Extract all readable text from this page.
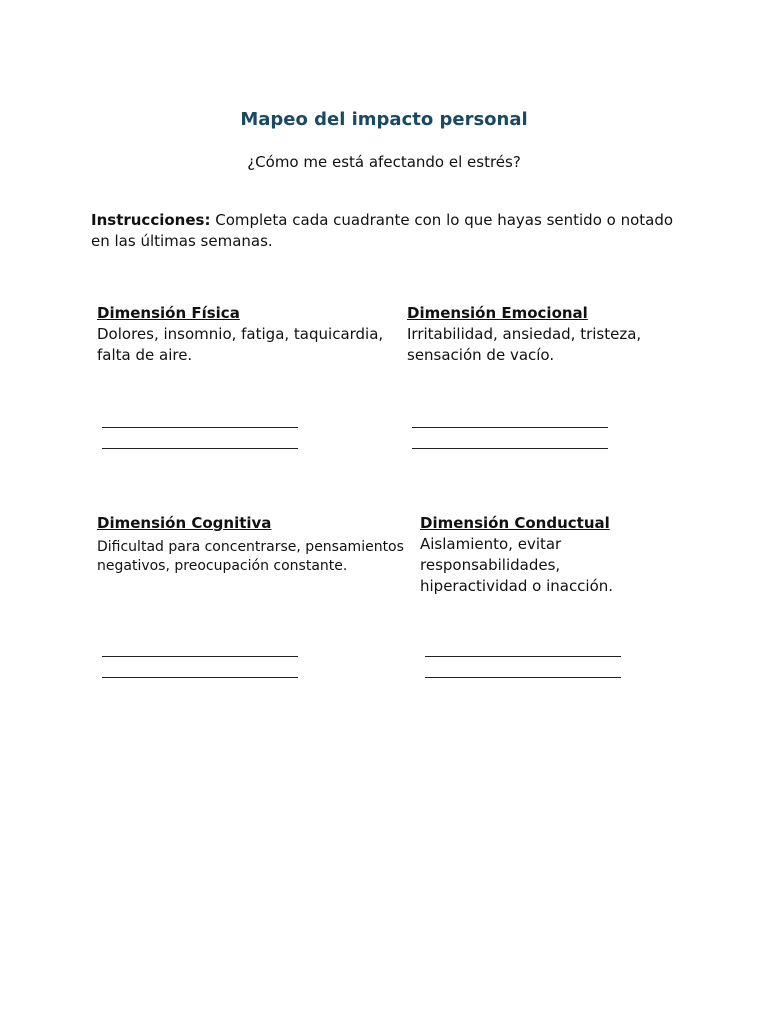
Mapeo del impacto personal
¿Cómo me está afectando el estrés?
Instrucciones: Completa cada cuadrante con lo que hayas sentido o notado en las últimas semanas.
Dimensión Física
Dolores, insomnio, fatiga, taquicardia, falta de aire.
Dimensión Emocional
Irritabilidad, ansiedad, tristeza, sensación de vacío.
Dimensión Cognitiva
Dificultad para concentrarse, pensamientos negativos, preocupación constante.
Dimensión Conductual
Aislamiento, evitar responsabilidades, hiperactividad o inacción.
